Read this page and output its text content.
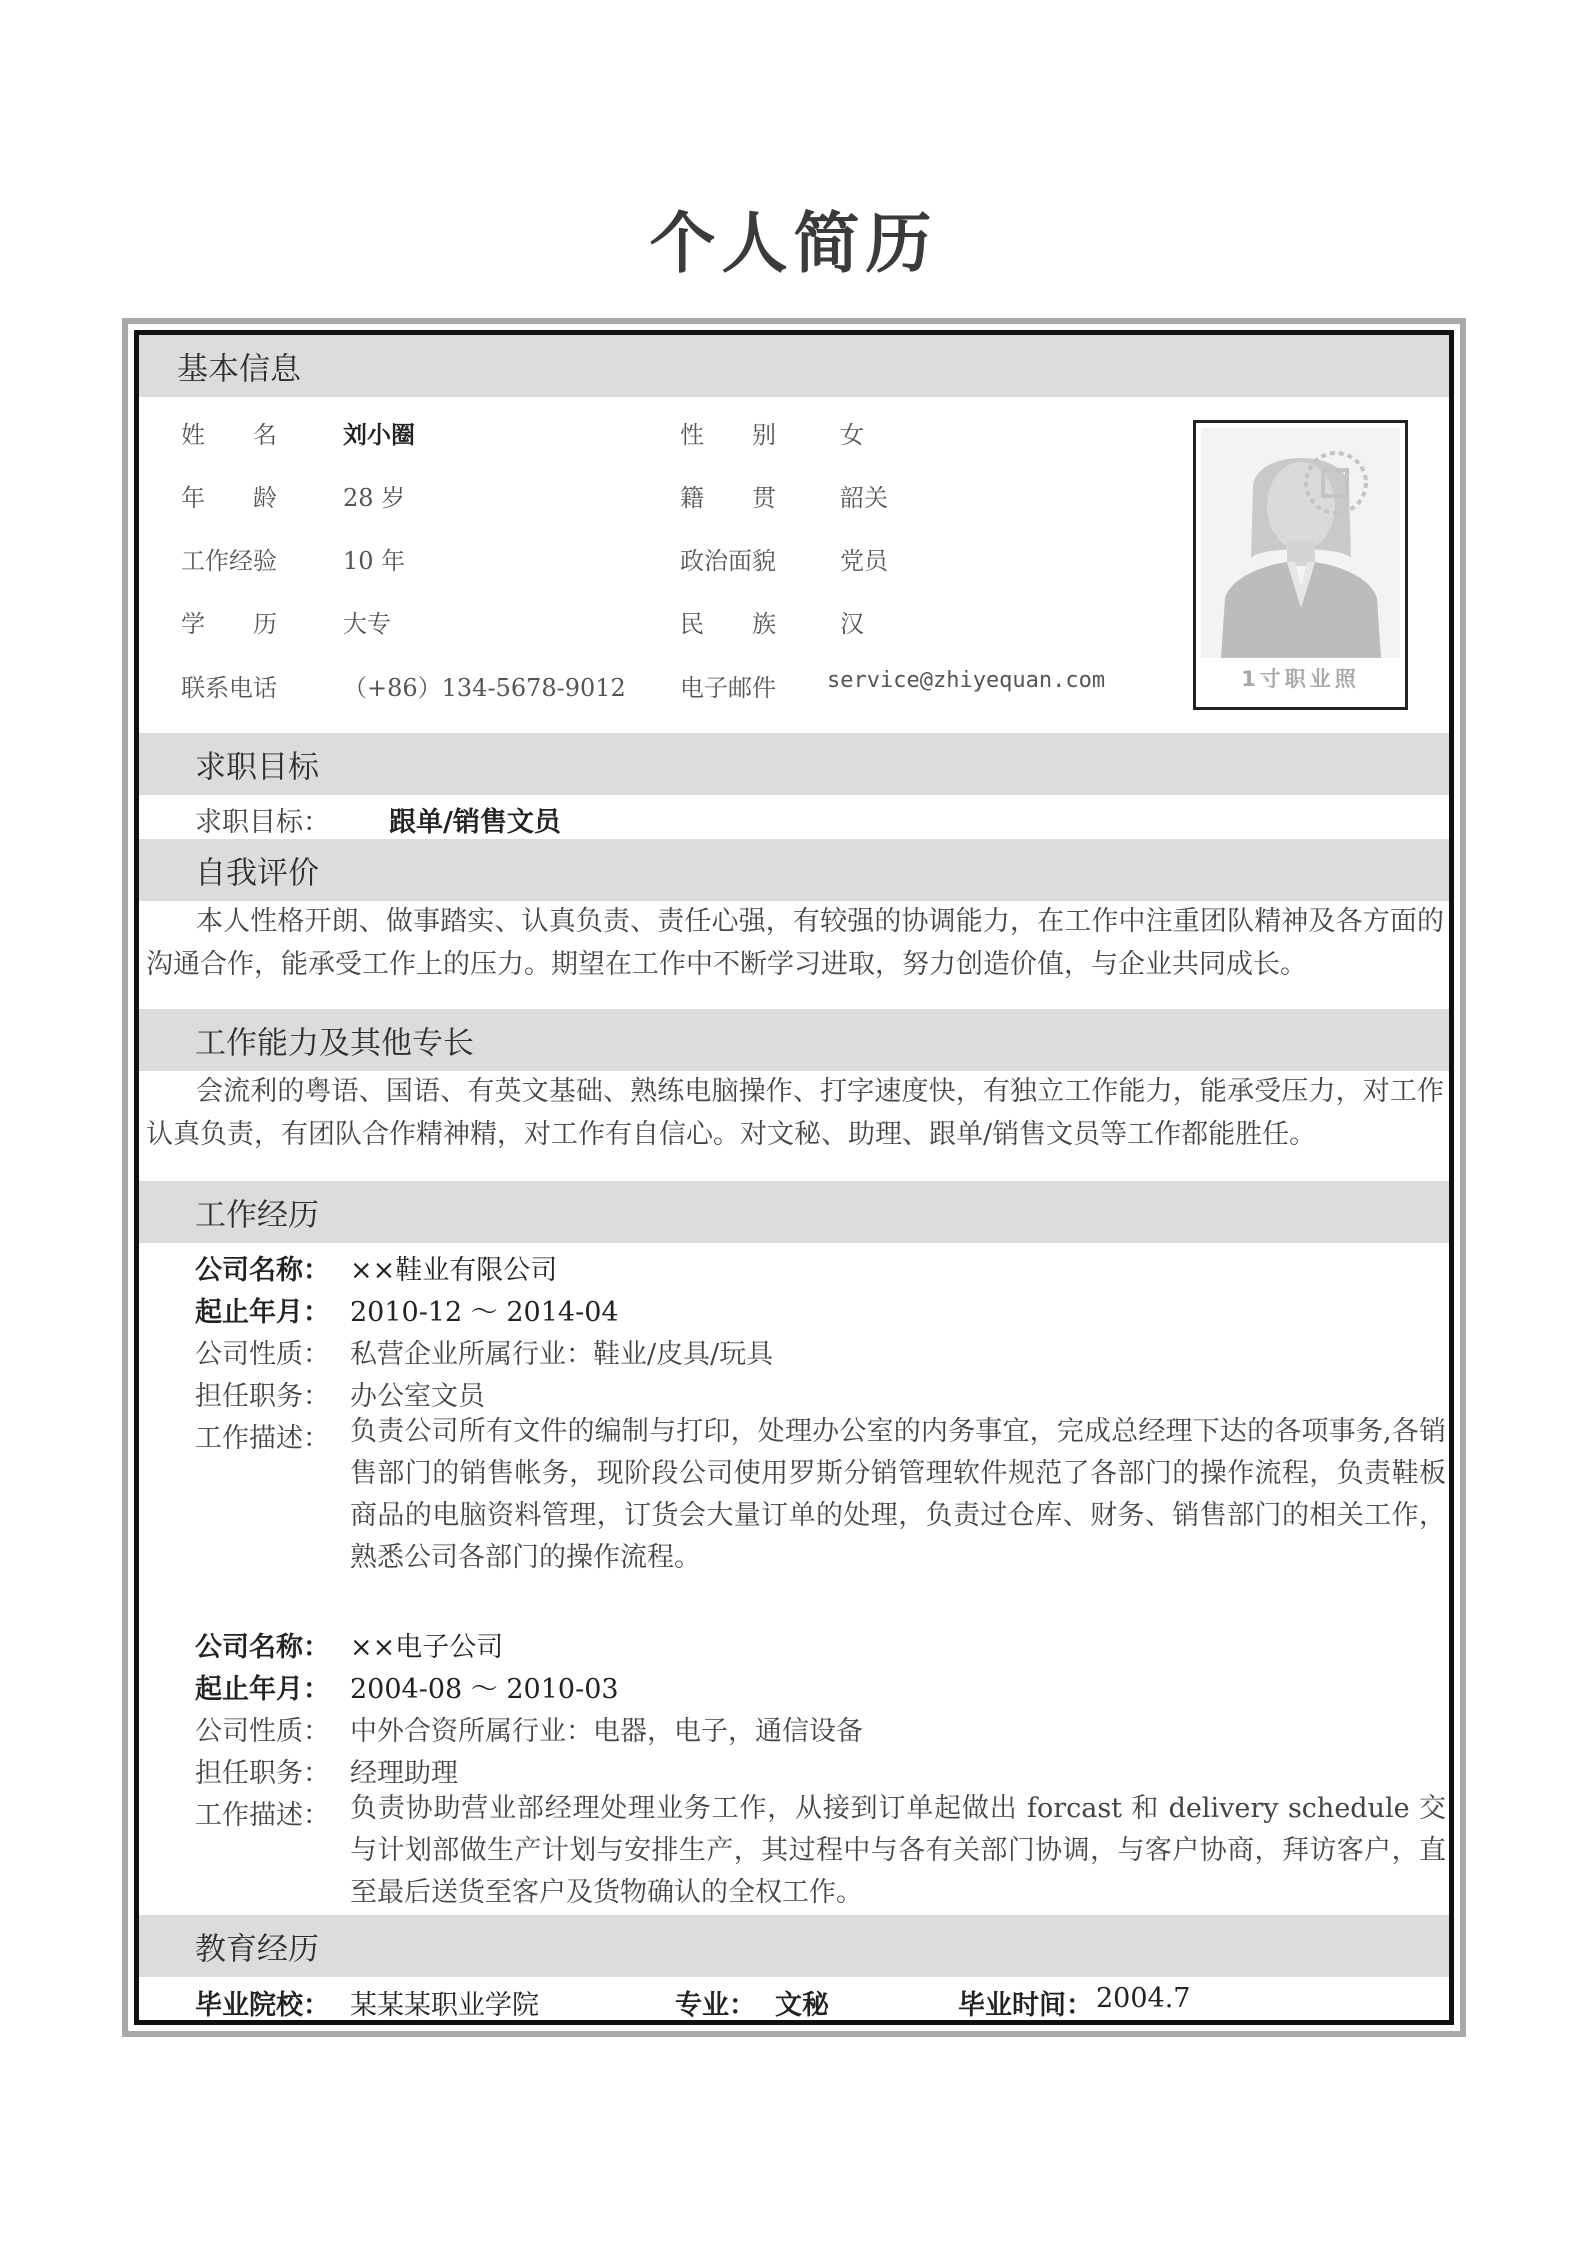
个人简历
基本信息
姓　　名	刘小圈	性　　别	女
年　　龄	28 岁	籍　　贯	韶关
工作经验	10 年	政治面貌	党员
学　　历	大专	民　　族	汉
联系电话	（+86）134-5678-9012 电子邮件 service@zhiyequan.com	1寸职业照
求职目标
求职目标： 跟单/销售文员
自我评价
本人性格开朗、做事踏实、认真负责、责任心强，有较强的协调能力，在工作中注重团队精神及各方面的沟通合作，能承受工作上的压力。期望在工作中不断学习进取，努力创造价值，与企业共同成长。
工作能力及其他专长
会流利的粤语、国语、有英文基础、熟练电脑操作、打字速度快，有独立工作能力，能承受压力，对工作认真负责，有团队合作精神精，对工作有自信心。对文秘、助理、跟单/销售文员等工作都能胜任。
工作经历
公司名称： ××鞋业有限公司
起止年月： 2010-12 ～ 2014-04
公司性质： 私营企业所属行业：鞋业/皮具/玩具
担任职务： 办公室文员
工作描述： 负责公司所有文件的编制与打印，处理办公室的内务事宜，完成总经理下达的各项事务,各销售部门的销售帐务，现阶段公司使用罗斯分销管理软件规范了各部门的操作流程，负责鞋板商品的电脑资料管理，订货会大量订单的处理，负责过仓库、财务、销售部门的相关工作，熟悉公司各部门的操作流程。
公司名称： ××电子公司
起止年月： 2004-08 ～ 2010-03
公司性质： 中外合资所属行业：电器，电子，通信设备
担任职务： 经理助理
工作描述： 负责协助营业部经理处理业务工作，从接到订单起做出 forcast 和 delivery schedule 交与计划部做生产计划与安排生产，其过程中与各有关部门协调，与客户协商，拜访客户，直至最后送货至客户及货物确认的全权工作。
教育经历
毕业院校： 某某某职业学院	专业： 文秘	毕业时间： 2004.7
